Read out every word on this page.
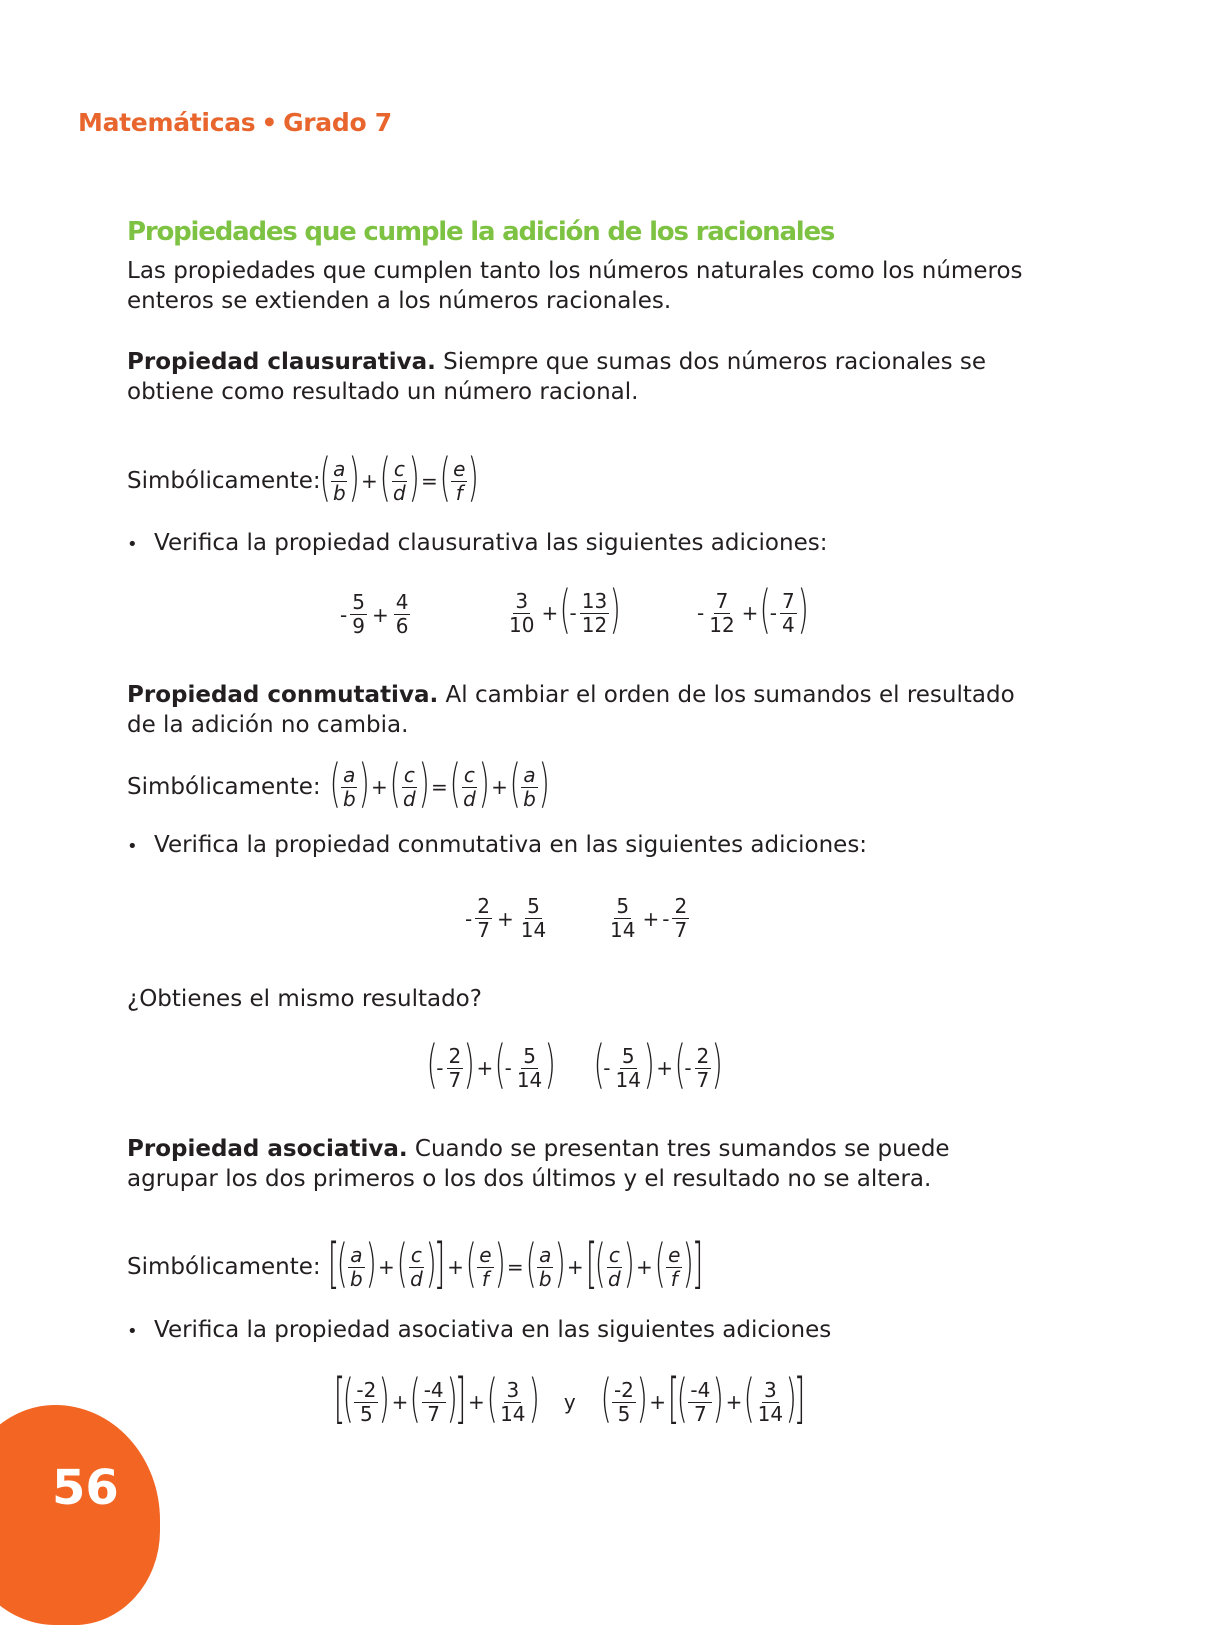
Matemáticas • Grado 7
Propiedades que cumple la adición de los racionales
Las propiedades que cumplen tanto los números naturales como los números enteros se extienden a los números racionales.
Propiedad clausurativa. Siempre que sumas dos números racionales se obtiene como resultado un número racional.
Simbólicamente:
( $\frac{a}{b}$ ) + ( $\frac{c}{d}$ ) = ( $\frac{e}{f}$ )
• Verifica la propiedad clausurativa las siguientes adiciones:
- $\frac{5}{9} + \frac{4}{6}$	$\frac{3}{10}$ + (
- $\frac{13}{12}$ )	- $\frac{7}{12}$ + (
- $\frac{7}{4}$ )
Propiedad conmutativa. Al cambiar el orden de los sumandos el resultado de la adición no cambia.
Simbólicamente: ( $\frac{a}{b}$ ) + ( $\frac{c}{d}$ ) = ( $\frac{c}{d}$ ) + ( $\frac{a}{b}$ )
• Verifica la propiedad conmutativa en las siguientes adiciones:
- $\frac{2}{7} + \frac{5}{14}$	$\frac{5}{14}$ + - $\frac{2}{7}$
¿Obtienes el mismo resultado?
(
- $\frac{2}{7}$ ) + (
- $\frac{5}{14}$ ) (
- $\frac{5}{14}$ ) + (
- $\frac{2}{7}$ )
Propiedad asociativa. Cuando se presentan tres sumandos se puede agrupar los dos primeros o los dos últimos y el resultado no se altera.
Simbólicamente: [
( $\frac{a}{b}$ ) + ( $\frac{c}{d}$ )
] + ( $\frac{e}{f}$ ) = ( $\frac{a}{b}$ ) + [
( $\frac{c}{d}$ ) + ( $\frac{e}{f}$ )
]
• Verifica la propiedad asociativa en las siguientes adiciones
[
( $\frac{-2}{5}$ ) + ( $\frac{-4}{7}$ )
] + ( $\frac{3}{14}$ ) y ( $\frac{-2}{5}$ ) + [
( $\frac{-4}{7}$ ) + ( $\frac{3}{14}$ )
]
56
